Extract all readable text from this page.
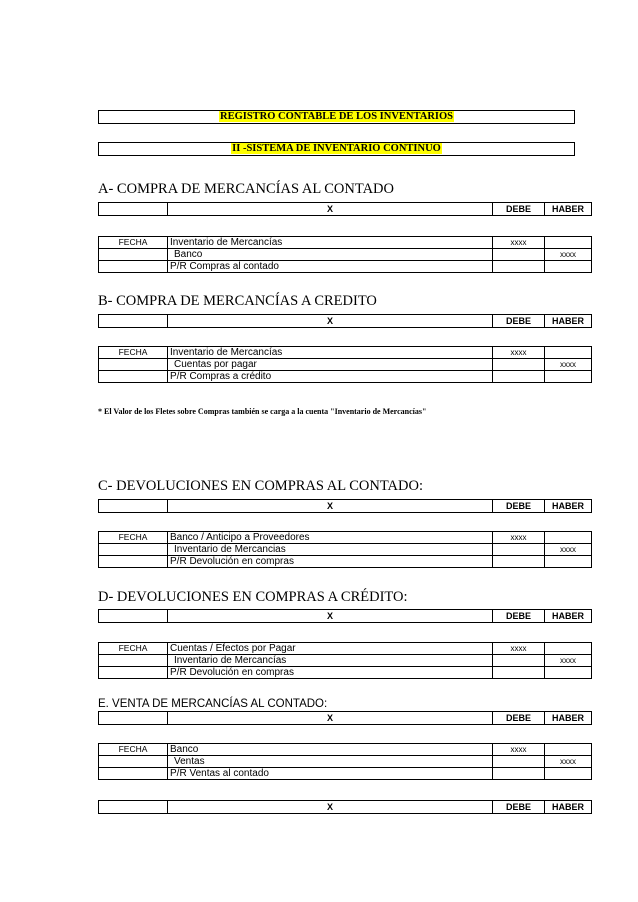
REGISTRO CONTABLE DE LOS INVENTARIOS
II -SISTEMA DE INVENTARIO CONTINUO
A- COMPRA DE MERCANCÍAS AL CONTADO
	X	DEBE	HABER
FECHA	Inventario de Mercancías	xxxx	
	Banco		xxxx
	P/R Compras al contado		
B- COMPRA DE MERCANCÍAS A CREDITO
	X	DEBE	HABER
FECHA	Inventario de Mercancías	xxxx	
	Cuentas por pagar		xxxx
	P/R Compras a crédito		
* El Valor de los Fletes sobre Compras también se carga a la cuenta "Inventario de Mercancías"
C- DEVOLUCIONES EN COMPRAS AL CONTADO:
	X	DEBE	HABER
FECHA	Banco / Anticipo a Proveedores	xxxx	
	Inventario de Mercancias		xxxx
	P/R Devolución en compras		
D- DEVOLUCIONES EN COMPRAS A CRÉDITO:
	X	DEBE	HABER
FECHA	Cuentas / Efectos por Pagar	xxxx	
	Inventario de Mercancías		xxxx
	P/R Devolución en compras		
E. VENTA DE MERCANCÍAS AL CONTADO:
	X	DEBE	HABER
FECHA	Banco	xxxx	
	Ventas		xxxx
	P/R Ventas al contado		
	X	DEBE	HABER
